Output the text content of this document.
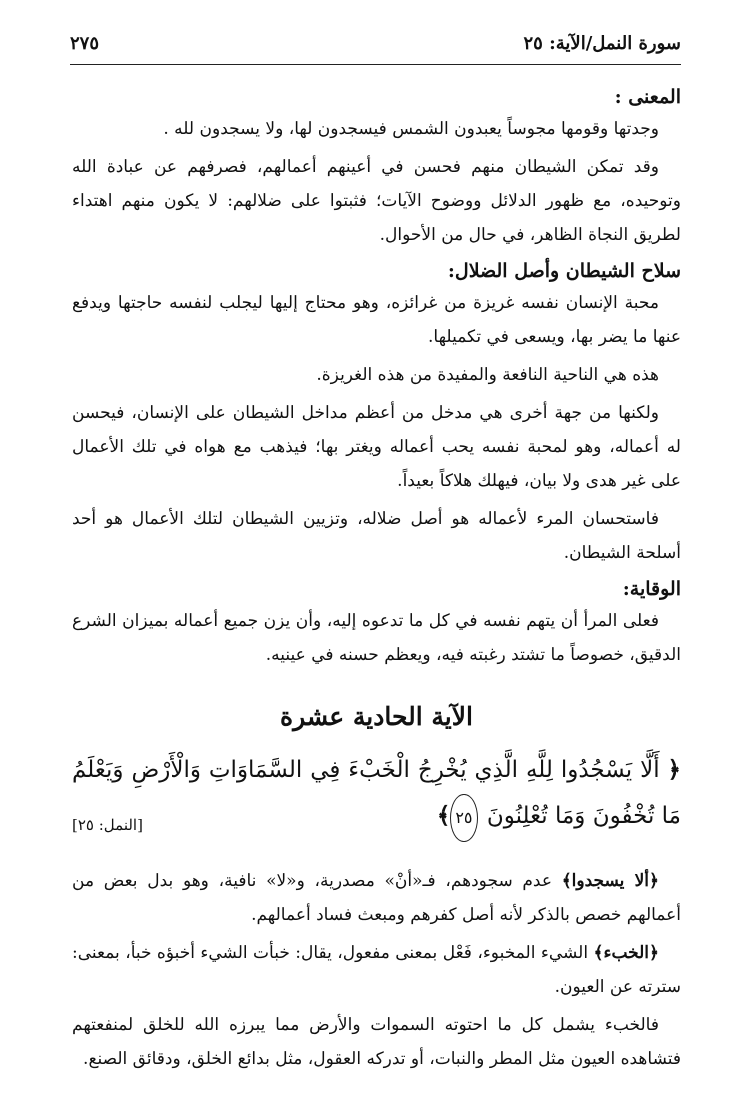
سورة النمل/الآية: ٢٥
٢٧٥

المعنى :

وجدتها وقومها مجوساً يعبدون الشمس فيسجدون لها، ولا يسجدون لله .

وقد تمكن الشيطان منهم فحسن في أعينهم أعمالهم، فصرفهم عن عبادة الله وتوحيده، مع ظهور الدلائل ووضوح الآيات؛ فثبتوا على ضلالهم: لا يكون منهم اهتداء لطريق النجاة الظاهر، في حال من الأحوال.

سلاح الشيطان وأصل الضلال:

محبة الإنسان نفسه غريزة من غرائزه، وهو محتاج إليها ليجلب لنفسه حاجتها ويدفع عنها ما يضر بها، ويسعى في تكميلها.

هذه هي الناحية النافعة والمفيدة من هذه الغريزة.

ولكنها من جهة أخرى هي مدخل من أعظم مداخل الشيطان على الإنسان، فيحسن له أعماله، وهو لمحبة نفسه يحب أعماله ويغتر بها؛ فيذهب مع هواه في تلك الأعمال على غير هدى ولا بيان، فيهلك هلاكاً بعيداً.

فاستحسان المرء لأعماله هو أصل ضلاله، وتزيين الشيطان لتلك الأعمال هو أحد أسلحة الشيطان.

الوقاية:

فعلى المرأ أن يتهم نفسه في كل ما تدعوه إليه، وأن يزن جميع أعماله بميزان الشرع الدقيق، خصوصاً ما تشتد رغبته فيه، ويعظم حسنه في عينيه.

الآية الحادية عشرة

﴿ أَلَّا يَسْجُدُوا لِلَّهِ الَّذِي يُخْرِجُ الْخَبْءَ فِي السَّمَاوَاتِ وَالْأَرْضِ وَيَعْلَمُ مَا تُخْفُونَ وَمَا تُعْلِنُونَ ٢٥﴾

[النمل: ٢٥]

﴿ألا يسجدوا﴾ عدم سجودهم، فـ«أنْ» مصدرية، و«لا» نافية، وهو بدل بعض من أعمالهم خصص بالذكر لأنه أصل كفرهم ومبعث فساد أعمالهم.

﴿الخبء﴾ الشيء المخبوء، فَعْل بمعنى مفعول، يقال: خبأت الشيء أخبؤه خبأ، بمعنى: سترته عن العيون.

فالخبء يشمل كل ما احتوته السموات والأرض مما يبرزه الله للخلق لمنفعتهم فتشاهده العيون مثل المطر والنبات، أو تدركه العقول، مثل بدائع الخلق، ودقائق الصنع.
